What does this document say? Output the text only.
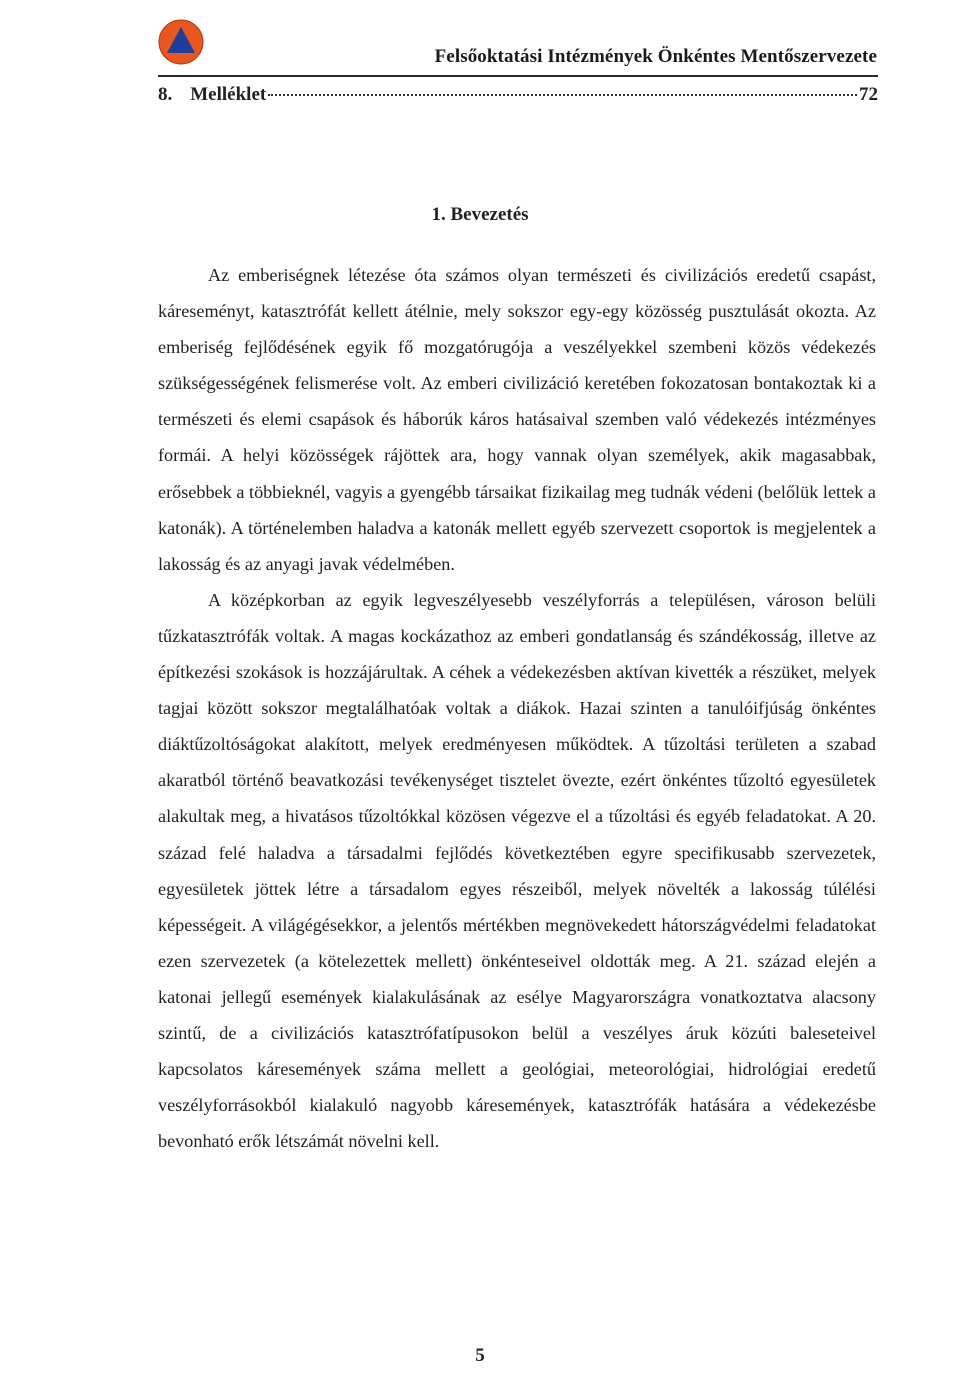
Felsőoktatási Intézmények Önkéntes Mentőszervezete
8. Melléklet	72
1. Bevezetés

Az emberiségnek létezése óta számos olyan természeti és civilizációs eredetű csapást, káreseményt, katasztrófát kellett átélnie, mely sokszor egy-egy közösség pusztulását okozta. Az emberiség fejlődésének egyik fő mozgatórugója a veszélyekkel szembeni közös védekezés szükségességének felismerése volt. Az emberi civilizáció keretében fokozatosan bontakoztak ki a természeti és elemi csapások és háborúk káros hatásaival szemben való védekezés intézményes formái. A helyi közösségek rájöttek ara, hogy vannak olyan személyek, akik magasabbak, erősebbek a többieknél, vagyis a gyengébb társaikat fizikailag meg tudnák védeni (belőlük lettek a katonák). A történelemben haladva a katonák mellett egyéb szervezett csoportok is megjelentek a lakosság és az anyagi javak védelmében.

A középkorban az egyik legveszélyesebb veszélyforrás a településen, városon belüli tűzkatasztrófák voltak. A magas kockázathoz az emberi gondatlanság és szándékosság, illetve az építkezési szokások is hozzájárultak. A céhek a védekezésben aktívan kivették a részüket, melyek tagjai között sokszor megtalálhatóak voltak a diákok. Hazai szinten a tanulóifjúság önkéntes diáktűzoltóságokat alakított, melyek eredményesen működtek. A tűzoltási területen a szabad akaratból történő beavatkozási tevékenységet tisztelet övezte, ezért önkéntes tűzoltó egyesületek alakultak meg, a hivatásos tűzoltókkal közösen végezve el a tűzoltási és egyéb feladatokat. A 20. század felé haladva a társadalmi fejlődés következtében egyre specifikusabb szervezetek, egyesületek jöttek létre a társadalom egyes részeiből, melyek növelték a lakosság túlélési képességeit. A világégésekkor, a jelentős mértékben megnövekedett hátországvédelmi feladatokat ezen szervezetek (a kötelezettek mellett) önkénteseivel oldották meg. A 21. század elején a katonai jellegű események kialakulásának az esélye Magyarországra vonatkoztatva alacsony szintű, de a civilizációs katasztrófatípusokon belül a veszélyes áruk közúti baleseteivel kapcsolatos káresemények száma mellett a geológiai, meteorológiai, hidrológiai eredetű veszélyforrásokból kialakuló nagyobb káresemények, katasztrófák hatására a védekezésbe bevonható erők létszámát növelni kell.

5
